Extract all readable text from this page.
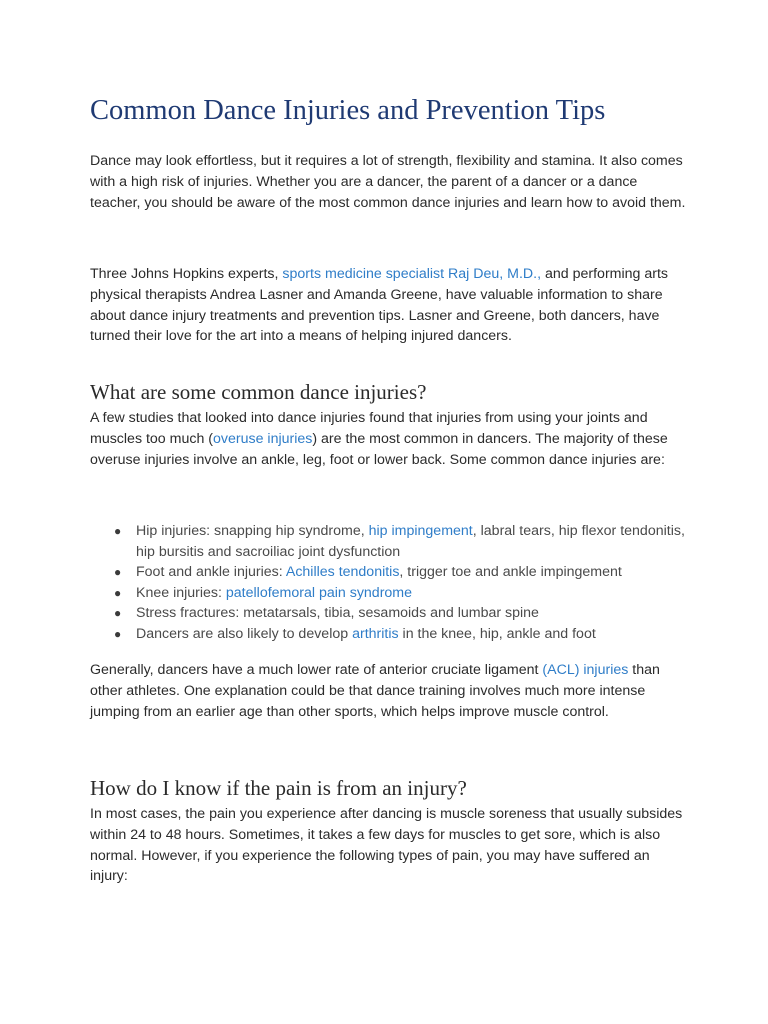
Common Dance Injuries and Prevention Tips

Dance may look effortless, but it requires a lot of strength, flexibility and stamina. It also comes with a high risk of injuries. Whether you are a dancer, the parent of a dancer or a dance teacher, you should be aware of the most common dance injuries and learn how to avoid them.

Three Johns Hopkins experts, sports medicine specialist Raj Deu, M.D., and performing arts physical therapists Andrea Lasner and Amanda Greene, have valuable information to share about dance injury treatments and prevention tips. Lasner and Greene, both dancers, have turned their love for the art into a means of helping injured dancers.

What are some common dance injuries?

A few studies that looked into dance injuries found that injuries from using your joints and muscles too much (overuse injuries) are the most common in dancers. The majority of these overuse injuries involve an ankle, leg, foot or lower back. Some common dance injuries are:

● Hip injuries: snapping hip syndrome, hip impingement, labral tears, hip flexor tendonitis, hip bursitis and sacroiliac joint dysfunction
● Foot and ankle injuries: Achilles tendonitis, trigger toe and ankle impingement
● Knee injuries: patellofemoral pain syndrome
● Stress fractures: metatarsals, tibia, sesamoids and lumbar spine
● Dancers are also likely to develop arthritis in the knee, hip, ankle and foot

Generally, dancers have a much lower rate of anterior cruciate ligament (ACL) injuries than other athletes. One explanation could be that dance training involves much more intense jumping from an earlier age than other sports, which helps improve muscle control.

How do I know if the pain is from an injury?

In most cases, the pain you experience after dancing is muscle soreness that usually subsides within 24 to 48 hours. Sometimes, it takes a few days for muscles to get sore, which is also normal. However, if you experience the following types of pain, you may have suffered an injury:
